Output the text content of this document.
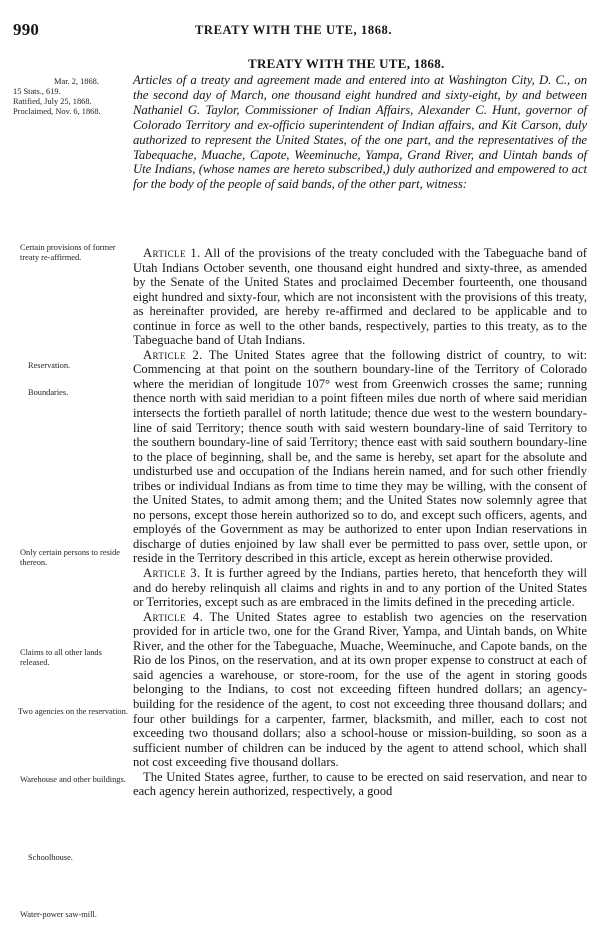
990	TREATY WITH THE UTE, 1868.
TREATY WITH THE UTE, 1868.
Mar. 2, 1868.
15 Stats., 619.
Ratified, July 25, 1868.
Proclaimed, Nov. 6, 1868.

Articles of a treaty and agreement made and entered into at Washington City, D. C., on the second day of March, one thousand eight hundred and sixty-eight, by and between Nathaniel G. Taylor, Commissioner of Indian Affairs, Alexander C. Hunt, governor of Colorado Territory and ex-officio superintendent of Indian affairs, and Kit Carson, duly authorized to represent the United States, of the one part, and the representatives of the Tabequache, Muache, Capote, Weeminuche, Yampa, Grand River, and Uintah bands of Ute Indians, (whose names are hereto subscribed,) duly authorized and empowered to act for the body of the people of said bands, of the other part, witness:

Certain provisions of former treaty re-affirmed.
Reservation.
Boundaries.
Only certain persons to reside thereon.
Claims to all other lands released.
Two agencies on the reservation.
Warehouse and other buildings.
Schoolhouse.
Water-power saw-mill.

Article 1. All of the provisions of the treaty concluded with the Tabeguache band of Utah Indians October seventh, one thousand eight hundred and sixty-three, as amended by the Senate of the United States and proclaimed December fourteenth, one thousand eight hundred and sixty-four, which are not inconsistent with the provisions of this treaty, as hereinafter provided, are hereby re-affirmed and declared to be applicable and to continue in force as well to the other bands, respectively, parties to this treaty, as to the Tabeguache band of Utah Indians.

Article 2. The United States agree that the following district of country, to wit: Commencing at that point on the southern boundary-line of the Territory of Colorado where the meridian of longitude 107° west from Greenwich crosses the same; running thence north with said meridian to a point fifteen miles due north of where said meridian intersects the fortieth parallel of north latitude; thence due west to the western boundary-line of said Territory; thence south with said western boundary-line of said Territory to the southern boundary-line of said Territory; thence east with said southern boundary-line to the place of beginning, shall be, and the same is hereby, set apart for the absolute and undisturbed use and occupation of the Indians herein named, and for such other friendly tribes or individual Indians as from time to time they may be willing, with the consent of the United States, to admit among them; and the United States now solemnly agree that no persons, except those herein authorized so to do, and except such officers, agents, and employés of the Government as may be authorized to enter upon Indian reservations in discharge of duties enjoined by law shall ever be permitted to pass over, settle upon, or reside in the Territory described in this article, except as herein otherwise provided.

Article 3. It is further agreed by the Indians, parties hereto, that henceforth they will and do hereby relinquish all claims and rights in and to any portion of the United States or Territories, except such as are embraced in the limits defined in the preceding article.

Article 4. The United States agree to establish two agencies on the reservation provided for in article two, one for the Grand River, Yampa, and Uintah bands, on White River, and the other for the Tabeguache, Muache, Weeminuche, and Capote bands, on the Rio de los Pinos, on the reservation, and at its own proper expense to construct at each of said agencies a warehouse, or store-room, for the use of the agent in storing goods belonging to the Indians, to cost not exceeding fifteen hundred dollars; an agency-building for the residence of the agent, to cost not exceeding three thousand dollars; and four other buildings for a carpenter, farmer, blacksmith, and miller, each to cost not exceeding two thousand dollars; also a school-house or mission-building, so soon as a sufficient number of children can be induced by the agent to attend school, which shall not cost exceeding five thousand dollars.

The United States agree, further, to cause to be erected on said reservation, and near to each agency herein authorized, respectively, a good
